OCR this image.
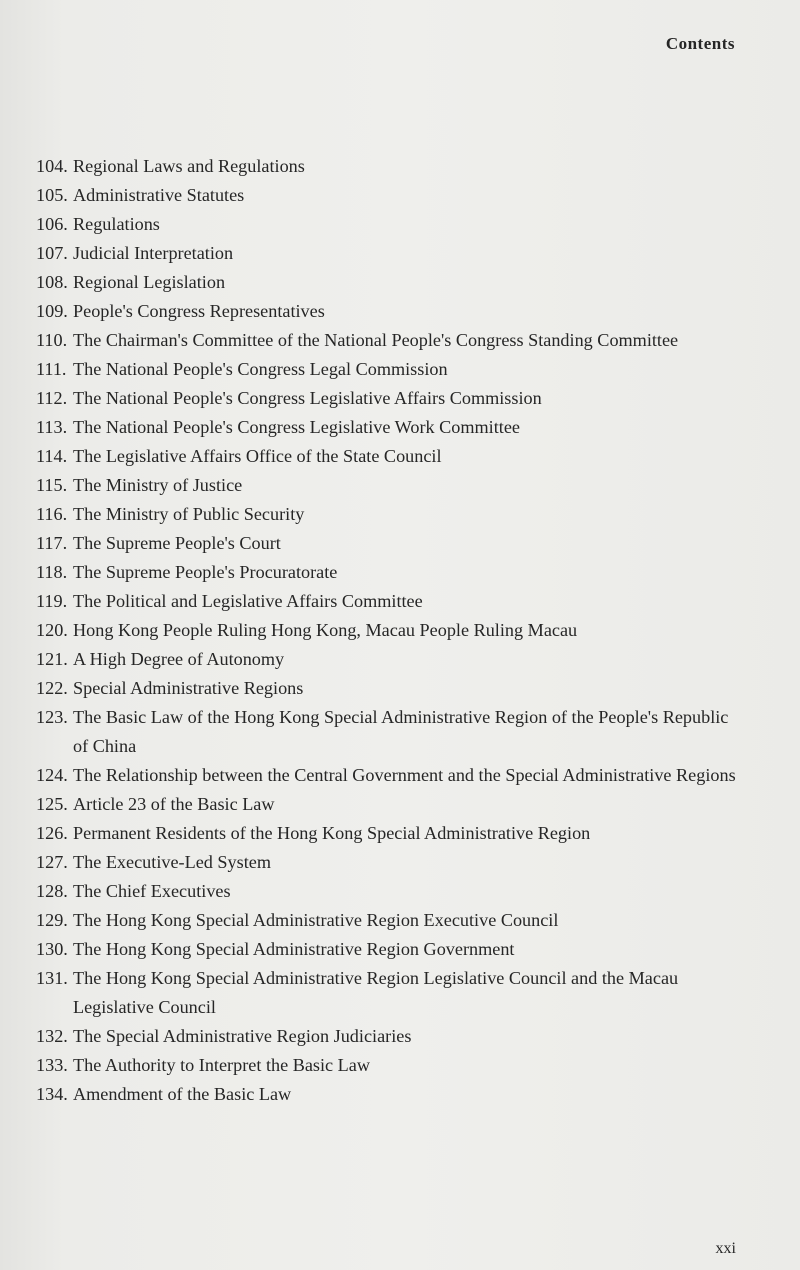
Contents
104. Regional Laws and Regulations
105. Administrative Statutes
106. Regulations
107. Judicial Interpretation
108. Regional Legislation
109. People's Congress Representatives
110. The Chairman's Committee of the National People's Congress Standing Committee
111. The National People's Congress Legal Commission
112. The National People's Congress Legislative Affairs Commission
113. The National People's Congress Legislative Work Committee
114. The Legislative Affairs Office of the State Council
115. The Ministry of Justice
116. The Ministry of Public Security
117. The Supreme People's Court
118. The Supreme People's Procuratorate
119. The Political and Legislative Affairs Committee
120. Hong Kong People Ruling Hong Kong, Macau People Ruling Macau
121. A High Degree of Autonomy
122. Special Administrative Regions
123. The Basic Law of the Hong Kong Special Administrative Region of the People's Republic of China
124. The Relationship between the Central Government and the Special Administrative Regions
125. Article 23 of the Basic Law
126. Permanent Residents of the Hong Kong Special Administrative Region
127. The Executive-Led System
128. The Chief Executives
129. The Hong Kong Special Administrative Region Executive Council
130. The Hong Kong Special Administrative Region Government
131. The Hong Kong Special Administrative Region Legislative Council and the Macau Legislative Council
132. The Special Administrative Region Judiciaries
133. The Authority to Interpret the Basic Law
134. Amendment of the Basic Law
xxi
